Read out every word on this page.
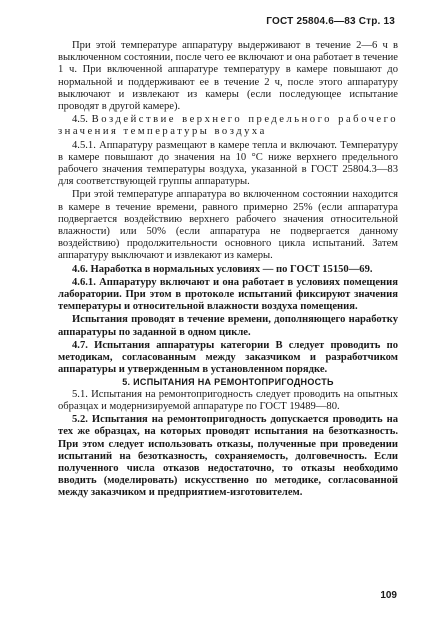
ГОСТ 25804.6—83 Стр. 13

При этой температуре аппаратуру выдерживают в течение 2—6 ч в выключенном состоянии, после чего ее включают и она работает в течение 1 ч. При включенной аппаратуре температуру в камере повышают до нормальной и поддерживают ее в течение 2 ч, после этого аппаратуру выключают и извлекают из камеры (если последующее испытание проводят в другой камере).

4.5. Воздействие верхнего предельного рабочего значения температуры воздуха

4.5.1. Аппаратуру размещают в камере тепла и включают. Температуру в камере повышают до значения на 10 °С ниже верхнего предельного рабочего значения температуры воздуха, указанной в ГОСТ 25804.3—83 для соответствующей группы аппаратуры.

При этой температуре аппаратура во включенном состоянии находится в камере в течение времени, равного примерно 25% (если аппаратура подвергается воздействию верхнего рабочего значения относительной влажности) или 50% (если аппаратура не подвергается данному воздействию) продолжительности основного цикла испытаний. Затем аппаратуру выключают и извлекают из камеры.

4.6. Наработка в нормальных условиях — по ГОСТ 15150—69.

4.6.1. Аппаратуру включают и она работает в условиях помещения лаборатории. При этом в протоколе испытаний фиксируют значения температуры и относительной влажности воздуха помещения.

Испытания проводят в течение времени, дополняющего наработку аппаратуры по заданной в одном цикле.

4.7. Испытания аппаратуры категории В следует проводить по методикам, согласованным между заказчиком и разработчиком аппаратуры и утвержденным в установленном порядке.

5. ИСПЫТАНИЯ НА РЕМОНТОПРИГОДНОСТЬ

5.1. Испытания на ремонтопригодность следует проводить на опытных образцах и модернизируемой аппаратуре по ГОСТ 19489—80.

5.2. Испытания на ремонтопригодность допускается проводить на тех же образцах, на которых проводят испытания на безотказность. При этом следует использовать отказы, полученные при проведении испытаний на безотказность, сохраняемость, долговечность. Если полученного числа отказов недостаточно, то отказы необходимо вводить (моделировать) искусственно по методике, согласованной между заказчиком и предприятием-изготовителем.

109
